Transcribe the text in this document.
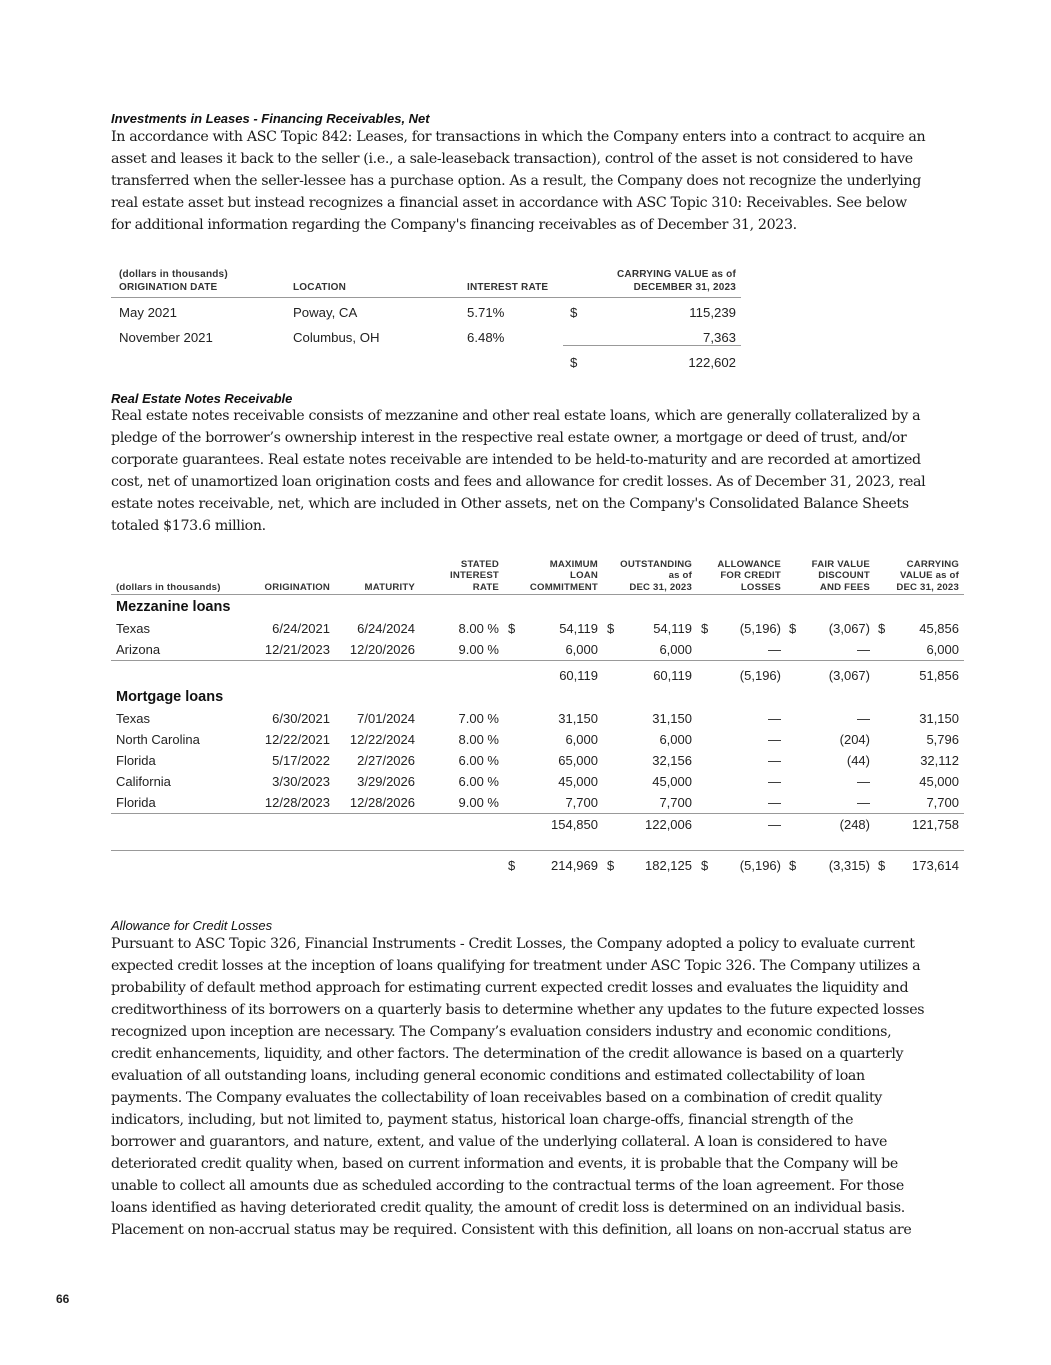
Investments in Leases - Financing Receivables, Net
In accordance with ASC Topic 842: Leases, for transactions in which the Company enters into a contract to acquire an
asset and leases it back to the seller (i.e., a sale-leaseback transaction), control of the asset is not considered to have
transferred when the seller-lessee has a purchase option. As a result, the Company does not recognize the underlying
real estate asset but instead recognizes a financial asset in accordance with ASC Topic 310: Receivables. See below
for additional information regarding the Company's financing receivables as of December 31, 2023.
(dollars in thousands)
ORIGINATION DATE	LOCATION	INTEREST RATE
CARRYING VALUE as of
DECEMBER 31, 2023
May 2021	Poway, CA	5.71%	$	115,239
November 2021	Columbus, OH	6.48%	7,363
$	122,602
Real Estate Notes Receivable
Real estate notes receivable consists of mezzanine and other real estate loans, which are generally collateralized by a
pledge of the borrower’s ownership interest in the respective real estate owner, a mortgage or deed of trust, and/or
corporate guarantees. Real estate notes receivable are intended to be held-to-maturity and are recorded at amortized
cost, net of unamortized loan origination costs and fees and allowance for credit losses. As of December 31, 2023, real
estate notes receivable, net, which are included in Other assets, net on the Company's Consolidated Balance Sheets
totaled $173.6 million.
(dollars in thousands)	ORIGINATION	MATURITY
STATED
INTEREST
RATE
MAXIMUM
LOAN
COMMITMENT
OUTSTANDING
as of
DEC 31, 2023
ALLOWANCE
FOR CREDIT
LOSSES
FAIR VALUE
DISCOUNT
AND FEES
CARRYING
VALUE as of
DEC 31, 2023
Mezzanine loans
Texas	6/24/2021 6/24/2024	8.00 % $	54,119 $	54,119 $ (5,196) $	(3,067) $	45,856
Arizona	12/21/2023 12/20/2026	9.00 %	6,000	6,000	—	—	6,000
60,119	60,119	(5,196)	(3,067)	51,856
Mortgage loans
Texas	6/30/2021 7/01/2024	7.00 %	31,150	31,150	—	—	31,150
North Carolina	12/22/2021 12/22/2024	8.00 %	6,000	6,000	—	(204)	5,796
Florida	5/17/2022 2/27/2026	6.00 %	65,000	32,156	—	(44)	32,112
California	3/30/2023 3/29/2026	6.00 %	45,000	45,000	—	—	45,000
Florida	12/28/2023 12/28/2026	9.00 %	7,700	7,700	—	—	7,700
154,850	122,006	—	(248)	121,758
$	214,969 $ 182,125 $ (5,196) $	(3,315) $ 173,614
Allowance for Credit Losses
Pursuant to ASC Topic 326, Financial Instruments - Credit Losses, the Company adopted a policy to evaluate current
expected credit losses at the inception of loans qualifying for treatment under ASC Topic 326. The Company utilizes a
probability of default method approach for estimating current expected credit losses and evaluates the liquidity and
creditworthiness of its borrowers on a quarterly basis to determine whether any updates to the future expected losses
recognized upon inception are necessary. The Company’s evaluation considers industry and economic conditions,
credit enhancements, liquidity, and other factors. The determination of the credit allowance is based on a quarterly
evaluation of all outstanding loans, including general economic conditions and estimated collectability of loan
payments. The Company evaluates the collectability of loan receivables based on a combination of credit quality
indicators, including, but not limited to, payment status, historical loan charge-offs, financial strength of the
borrower and guarantors, and nature, extent, and value of the underlying collateral. A loan is considered to have
deteriorated credit quality when, based on current information and events, it is probable that the Company will be
unable to collect all amounts due as scheduled according to the contractual terms of the loan agreement. For those
loans identified as having deteriorated credit quality, the amount of credit loss is determined on an individual basis.
Placement on non-accrual status may be required. Consistent with this definition, all loans on non-accrual status are
66
